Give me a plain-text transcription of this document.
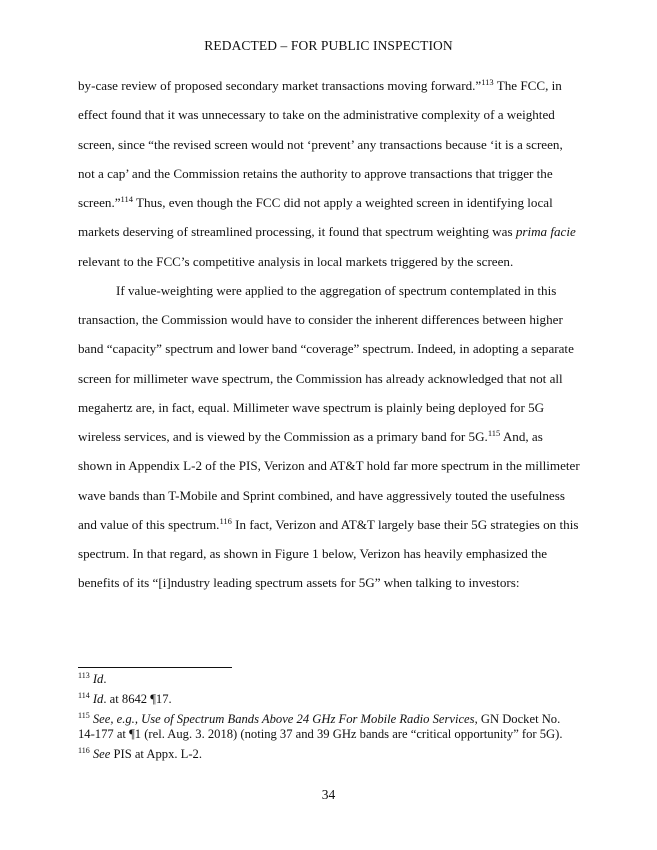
REDACTED – FOR PUBLIC INSPECTION

by-case review of proposed secondary market transactions moving forward.”$^{113}$ The FCC, in effect found that it was unnecessary to take on the administrative complexity of a weighted screen, since “the revised screen would not ‘prevent’ any transactions because ‘it is a screen, not a cap’ and the Commission retains the authority to approve transactions that trigger the screen.”$^{114}$ Thus, even though the FCC did not apply a weighted screen in identifying local markets deserving of streamlined processing, it found that spectrum weighting was prima facie relevant to the FCC’s competitive analysis in local markets triggered by the screen.

If value-weighting were applied to the aggregation of spectrum contemplated in this transaction, the Commission would have to consider the inherent differences between higher band “capacity” spectrum and lower band “coverage” spectrum. Indeed, in adopting a separate screen for millimeter wave spectrum, the Commission has already acknowledged that not all megahertz are, in fact, equal. Millimeter wave spectrum is plainly being deployed for 5G wireless services, and is viewed by the Commission as a primary band for 5G.$^{115}$ And, as shown in Appendix L-2 of the PIS, Verizon and AT&T hold far more spectrum in the millimeter wave bands than T-Mobile and Sprint combined, and have aggressively touted the usefulness and value of this spectrum.$^{116}$ In fact, Verizon and AT&T largely base their 5G strategies on this spectrum. In that regard, as shown in Figure 1 below, Verizon has heavily emphasized the benefits of its “[i]ndustry leading spectrum assets for 5G” when talking to investors:

$^{113}$ Id.

$^{114}$ Id. at 8642 ¶17.

$^{115}$ See, e.g., Use of Spectrum Bands Above 24 GHz For Mobile Radio Services, GN Docket No. 14-177 at ¶1 (rel. Aug. 3. 2018) (noting 37 and 39 GHz bands are “critical opportunity” for 5G).

$^{116}$ See PIS at Appx. L-2.

34
